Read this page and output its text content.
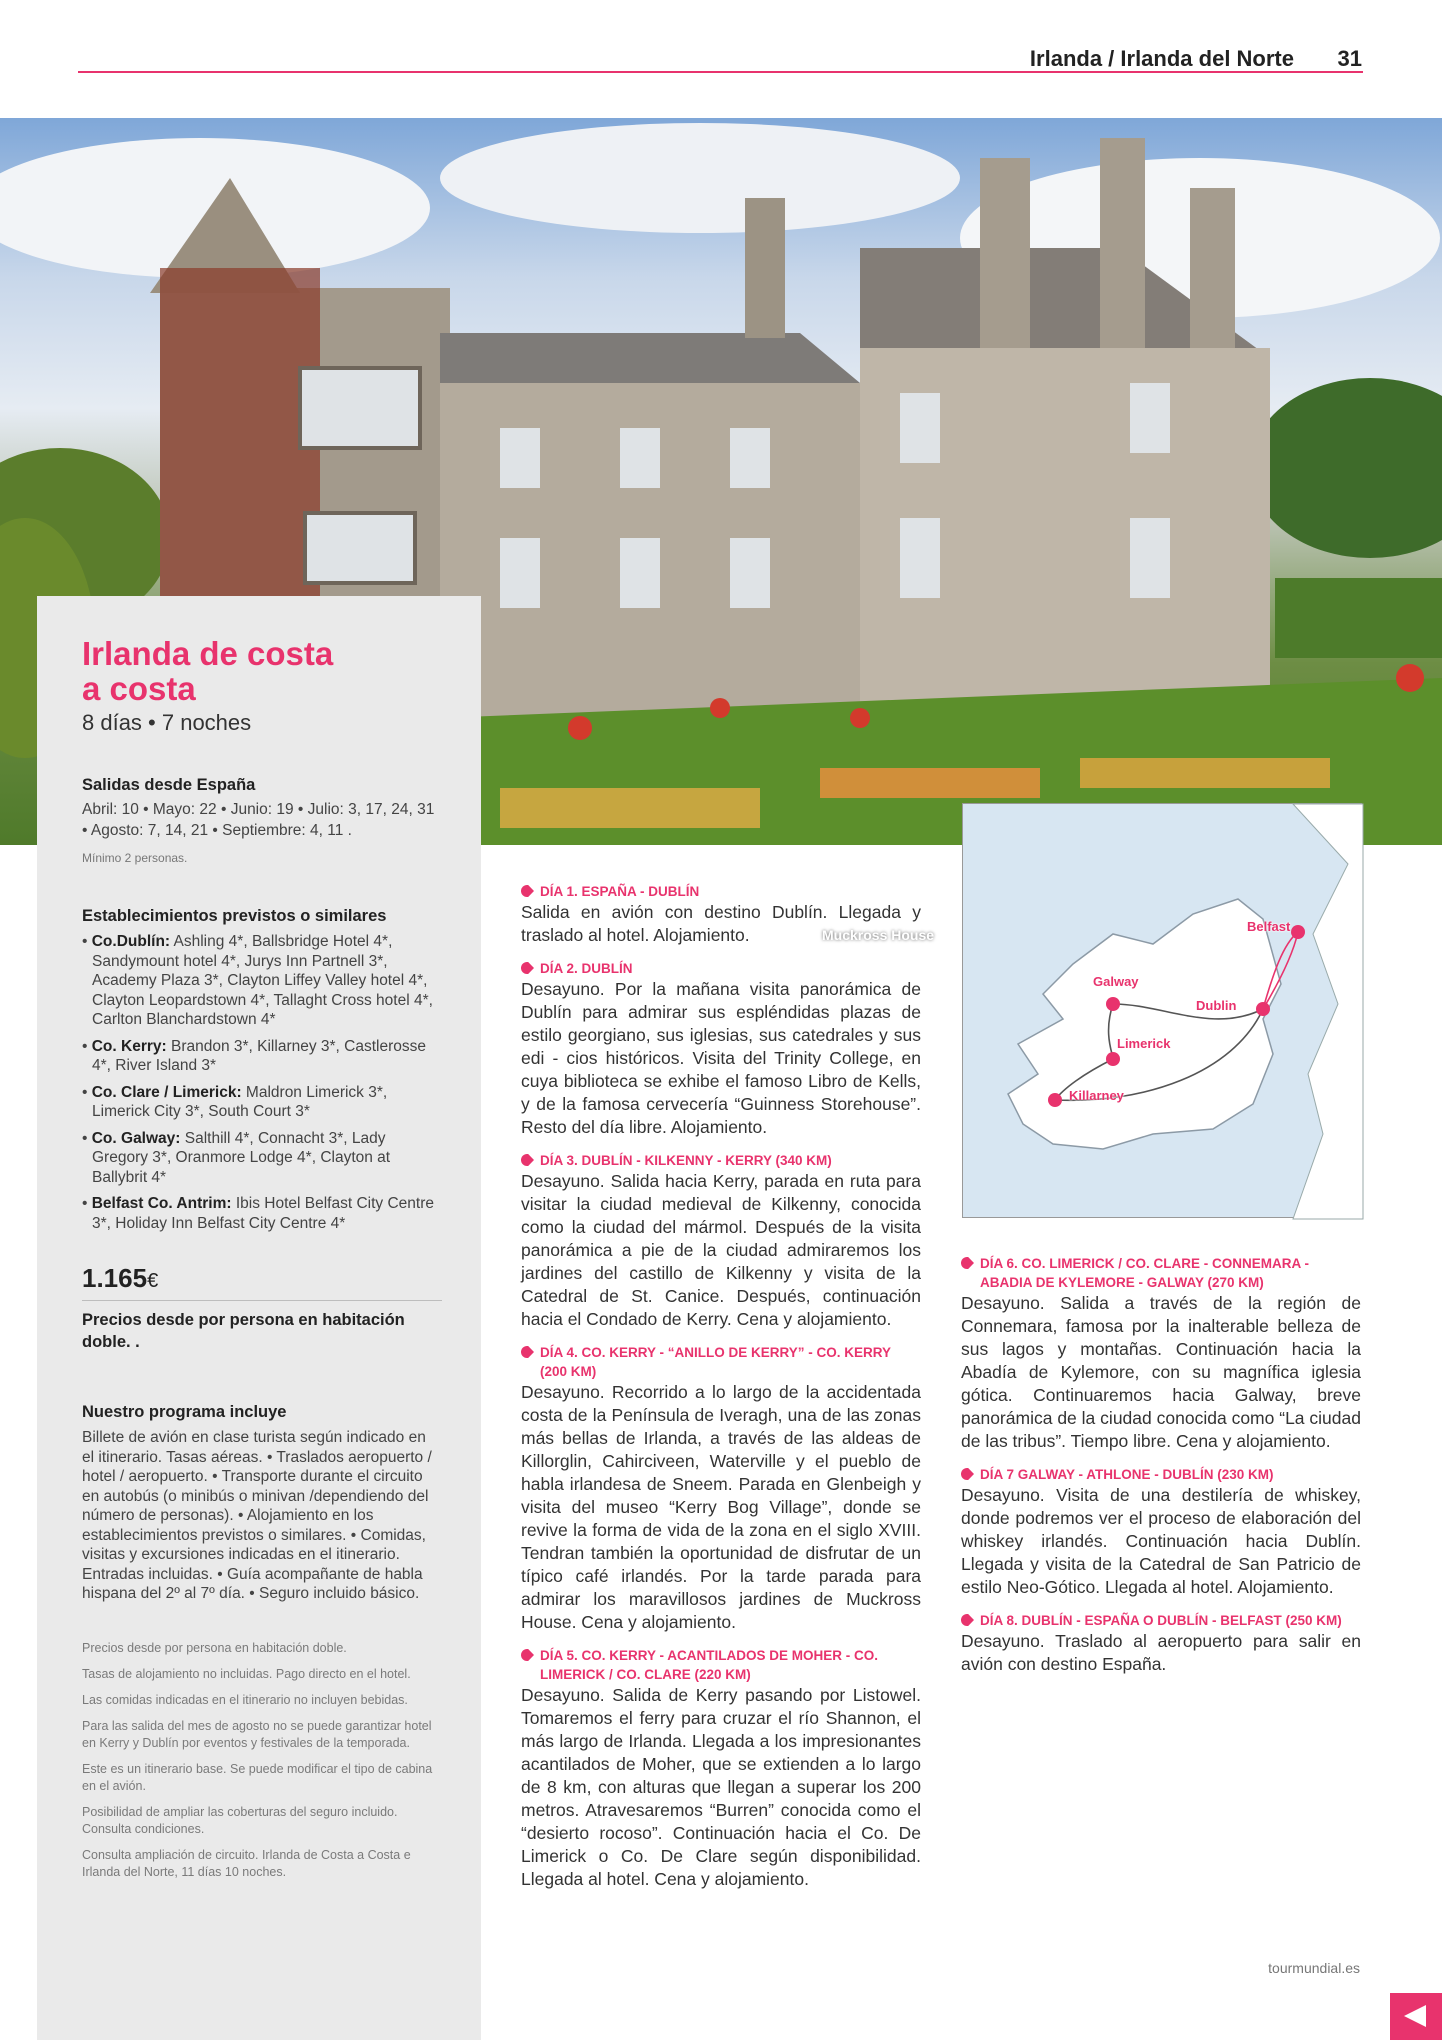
Irlanda / Irlanda del Norte 31
Muckross House
Irlanda de costa
a costa
8 días • 7 noches
Salidas desde España
Abril: 10 • Mayo: 22 • Junio: 19 • Julio: 3, 17, 24, 31 • Agosto: 7, 14, 21 • Septiembre: 4, 11 .
Mínimo 2 personas.
Establecimientos previstos o similares
• Co.Dublín: Ashling 4*, Ballsbridge Hotel 4*, Sandymount hotel 4*, Jurys Inn Partnell 3*, Academy Plaza 3*, Clayton Liffey Valley hotel 4*, Clayton Leopardstown 4*, Tallaght Cross hotel 4*, Carlton Blanchardstown 4*
• Co. Kerry: Brandon 3*, Killarney 3*, Castlerosse 4*, River Island 3*
• Co. Clare / Limerick: Maldron Limerick 3*, Limerick City 3*, South Court 3*
• Co. Galway: Salthill 4*, Connacht 3*, Lady Gregory 3*, Oranmore Lodge 4*, Clayton at Ballybrit 4*
• Belfast Co. Antrim: Ibis Hotel Belfast City Centre 3*, Holiday Inn Belfast City Centre 4*
1.165€
Precios desde por persona en habitación doble. .
Nuestro programa incluye
Billete de avión en clase turista según indicado en el itinerario. Tasas aéreas. • Traslados aeropuerto / hotel / aeropuerto. • Transporte durante el circuito en autobús (o minibús o minivan /dependiendo del número de personas). • Alojamiento en los establecimientos previstos o similares. • Comidas, visitas y excursiones indicadas en el itinerario. Entradas incluidas. • Guía acompañante de habla hispana del 2º al 7º día. • Seguro incluido básico.

Precios desde por persona en habitación doble.

Tasas de alojamiento no incluidas. Pago directo en el hotel.

Las comidas indicadas en el itinerario no incluyen bebidas.

Para las salida del mes de agosto no se puede garantizar hotel en Kerry y Dublín por eventos y festivales de la temporada.

Este es un itinerario base. Se puede modificar el tipo de cabina en el avión.

Posibilidad de ampliar las coberturas del seguro incluido. Consulta condiciones.

Consulta ampliación de circuito. Irlanda de Costa a Costa e Irlanda del Norte, 11 días 10 noches.

DÍA 1. ESPAÑA - DUBLÍN
Salida en avión con destino Dublín. Llegada y traslado al hotel. Alojamiento.
DÍA 2. DUBLÍN
Desayuno. Por la mañana visita panorámica de Dublín para admirar sus espléndidas plazas de estilo georgiano, sus iglesias, sus catedrales y sus edi - cios históricos. Visita del Trinity College, en cuya biblioteca se exhibe el famoso Libro de Kells, y de la famosa cervecería “Guinness Storehouse”. Resto del día libre. Alojamiento.
DÍA 3. DUBLÍN - KILKENNY - KERRY (340 KM)
Desayuno. Salida hacia Kerry, parada en ruta para visitar la ciudad medieval de Kilkenny, conocida como la ciudad del mármol. Después de la visita panorámica a pie de la ciudad admiraremos los jardines del castillo de Kilkenny y visita de la Catedral de St. Canice. Después, continuación hacia el Condado de Kerry. Cena y alojamiento.
DÍA 4. CO. KERRY - “ANILLO DE KERRY” - CO. KERRY (200 KM)
Desayuno. Recorrido a lo largo de la accidentada costa de la Península de Iveragh, una de las zonas más bellas de Irlanda, a través de las aldeas de Killorglin, Cahirciveen, Waterville y el pueblo de habla irlandesa de Sneem. Parada en Glenbeigh y visita del museo “Kerry Bog Village”, donde se revive la forma de vida de la zona en el siglo XVIII. Tendran también la oportunidad de disfrutar de un típico café irlandés. Por la tarde parada para admirar los maravillosos jardines de Muckross House. Cena y alojamiento.
DÍA 5. CO. KERRY - ACANTILADOS DE MOHER - CO. LIMERICK / CO. CLARE (220 KM)
Desayuno. Salida de Kerry pasando por Listowel. Tomaremos el ferry para cruzar el río Shannon, el más largo de Irlanda. Llegada a los impresionantes acantilados de Moher, que se extienden a lo largo de 8 km, con alturas que llegan a superar los 200 metros. Atravesaremos “Burren” conocida como el “desierto rocoso”. Continuación hacia el Co. De Limerick o Co. De Clare según disponibilidad. Llegada al hotel. Cena y alojamiento.
Belfast
Galway
Dublin
Limerick
Killarney
DÍA 6. CO. LIMERICK / CO. CLARE - CONNEMARA - ABADIA DE KYLEMORE - GALWAY (270 KM)
Desayuno. Salida a través de la región de Connemara, famosa por la inalterable belleza de sus lagos y montañas. Continuación hacia la Abadía de Kylemore, con su magnífica iglesia gótica. Continuaremos hacia Galway, breve panorámica de la ciudad conocida como “La ciudad de las tribus”. Tiempo libre. Cena y alojamiento.
DÍA 7 GALWAY - ATHLONE - DUBLÍN (230 KM)
Desayuno. Visita de una destilería de whiskey, donde podremos ver el proceso de elaboración del whiskey irlandés. Continuación hacia Dublín. Llegada y visita de la Catedral de San Patricio de estilo Neo-Gótico. Llegada al hotel. Alojamiento.
DÍA 8. DUBLÍN - ESPAÑA O DUBLÍN - BELFAST (250 KM)
Desayuno. Traslado al aeropuerto para salir en avión con destino España.
tourmundial.es
